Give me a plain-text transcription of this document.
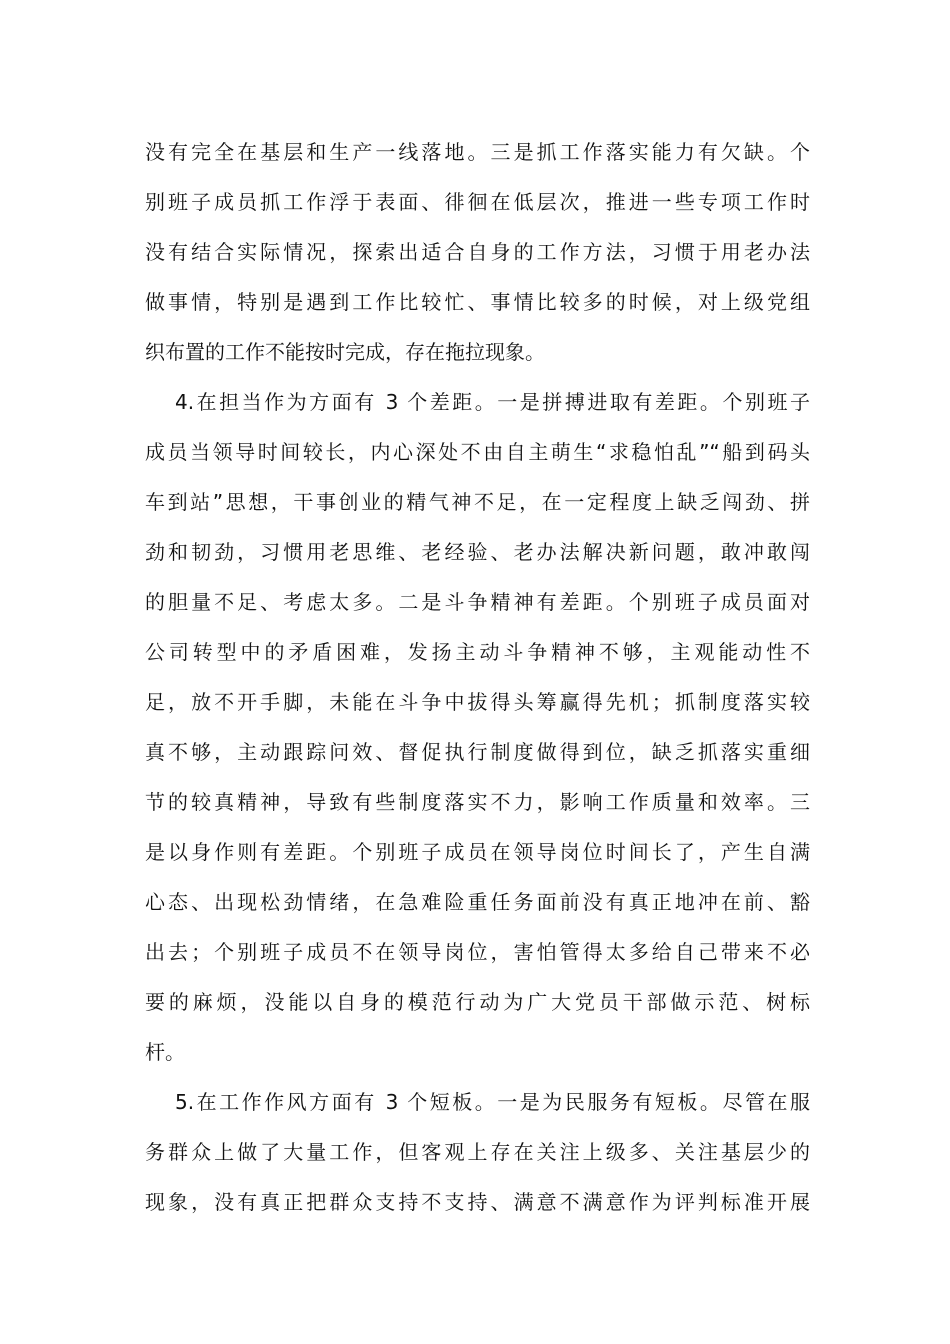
没有完全在基层和生产一线落地。三是抓工作落实能力有欠缺。个
别班子成员抓工作浮于表面、徘徊在低层次，推进一些专项工作时
没有结合实际情况，探索出适合自身的工作方法，习惯于用老办法
做事情，特别是遇到工作比较忙、事情比较多的时候，对上级党组
织布置的工作不能按时完成，存在拖拉现象。
4.在担当作为方面有 3 个差距。一是拼搏进取有差距。个别班子
成员当领导时间较长，内心深处不由自主萌生“求稳怕乱”“船到码头
车到站”思想，干事创业的精气神不足，在一定程度上缺乏闯劲、拼
劲和韧劲，习惯用老思维、老经验、老办法解决新问题，敢冲敢闯
的胆量不足、考虑太多。二是斗争精神有差距。个别班子成员面对
公司转型中的矛盾困难，发扬主动斗争精神不够，主观能动性不
足，放不开手脚，未能在斗争中拔得头筹赢得先机；抓制度落实较
真不够，主动跟踪问效、督促执行制度做得到位，缺乏抓落实重细
节的较真精神，导致有些制度落实不力，影响工作质量和效率。三
是以身作则有差距。个别班子成员在领导岗位时间长了，产生自满
心态、出现松劲情绪，在急难险重任务面前没有真正地冲在前、豁
出去；个别班子成员不在领导岗位，害怕管得太多给自己带来不必
要的麻烦，没能以自身的模范行动为广大党员干部做示范、树标
杆。
5.在工作作风方面有 3 个短板。一是为民服务有短板。尽管在服
务群众上做了大量工作，但客观上存在关注上级多、关注基层少的
现象，没有真正把群众支持不支持、满意不满意作为评判标准开展
